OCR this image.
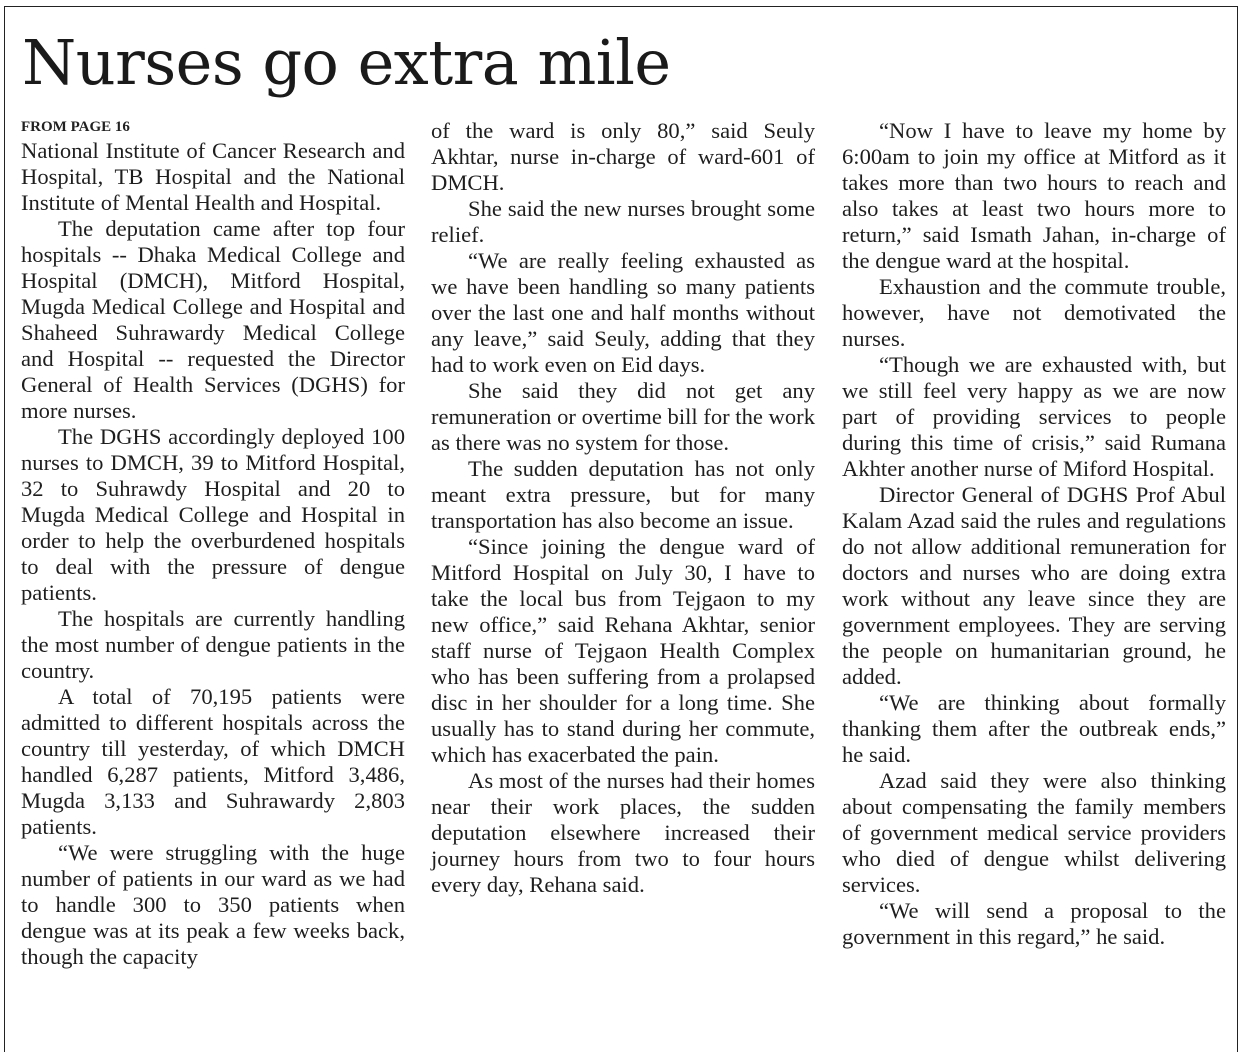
Nurses go extra mile
FROM PAGE 16

National Institute of Cancer Research and Hospital, TB Hospital and the National Institute of Mental Health and Hospital.

The deputation came after top four hospitals -- Dhaka Medical College and Hospital (DMCH), Mitford Hospital, Mugda Medical College and Hospital and Shaheed Suhrawardy Medical College and Hospital -- requested the Director General of Health Services (DGHS) for more nurses.

The DGHS accordingly deployed 100 nurses to DMCH, 39 to Mitford Hospital, 32 to Suhrawdy Hospital and 20 to Mugda Medical College and Hospital in order to help the overburdened hospitals to deal with the pressure of dengue patients.

The hospitals are currently handling the most number of dengue patients in the country.

A total of 70,195 patients were admitted to different hospitals across the country till yesterday, of which DMCH handled 6,287 patients, Mitford 3,486, Mugda 3,133 and Suhrawardy 2,803 patients.

“We were struggling with the huge number of patients in our ward as we had to handle 300 to 350 patients when dengue was at its peak a few weeks back, though the capacity

of the ward is only 80,” said Seuly Akhtar, nurse in-charge of ward-601 of DMCH.

She said the new nurses brought some relief.

“We are really feeling exhausted as we have been handling so many patients over the last one and half months without any leave,” said Seuly, adding that they had to work even on Eid days.

She said they did not get any remuneration or overtime bill for the work as there was no system for those.

The sudden deputation has not only meant extra pressure, but for many transportation has also become an issue.

“Since joining the dengue ward of Mitford Hospital on July 30, I have to take the local bus from Tejgaon to my new office,” said Rehana Akhtar, senior staff nurse of Tejgaon Health Complex who has been suffering from a prolapsed disc in her shoulder for a long time. She usually has to stand during her commute, which has exacerbated the pain.

As most of the nurses had their homes near their work places, the sudden deputation elsewhere increased their journey hours from two to four hours every day, Rehana said.

“Now I have to leave my home by 6:00am to join my office at Mitford as it takes more than two hours to reach and also takes at least two hours more to return,” said Ismath Jahan, in-charge of the dengue ward at the hospital.

Exhaustion and the commute trouble, however, have not demotivated the nurses.

“Though we are exhausted with, but we still feel very happy as we are now part of providing services to people during this time of crisis,” said Rumana Akhter another nurse of Miford Hospital.

Director General of DGHS Prof Abul Kalam Azad said the rules and regulations do not allow additional remuneration for doctors and nurses who are doing extra work without any leave since they are government employees. They are serving the people on humanitarian ground, he added.

“We are thinking about formally thanking them after the outbreak ends,” he said.

Azad said they were also thinking about compensating the family members of government medical service providers who died of dengue whilst delivering services.

“We will send a proposal to the government in this regard,” he said.
